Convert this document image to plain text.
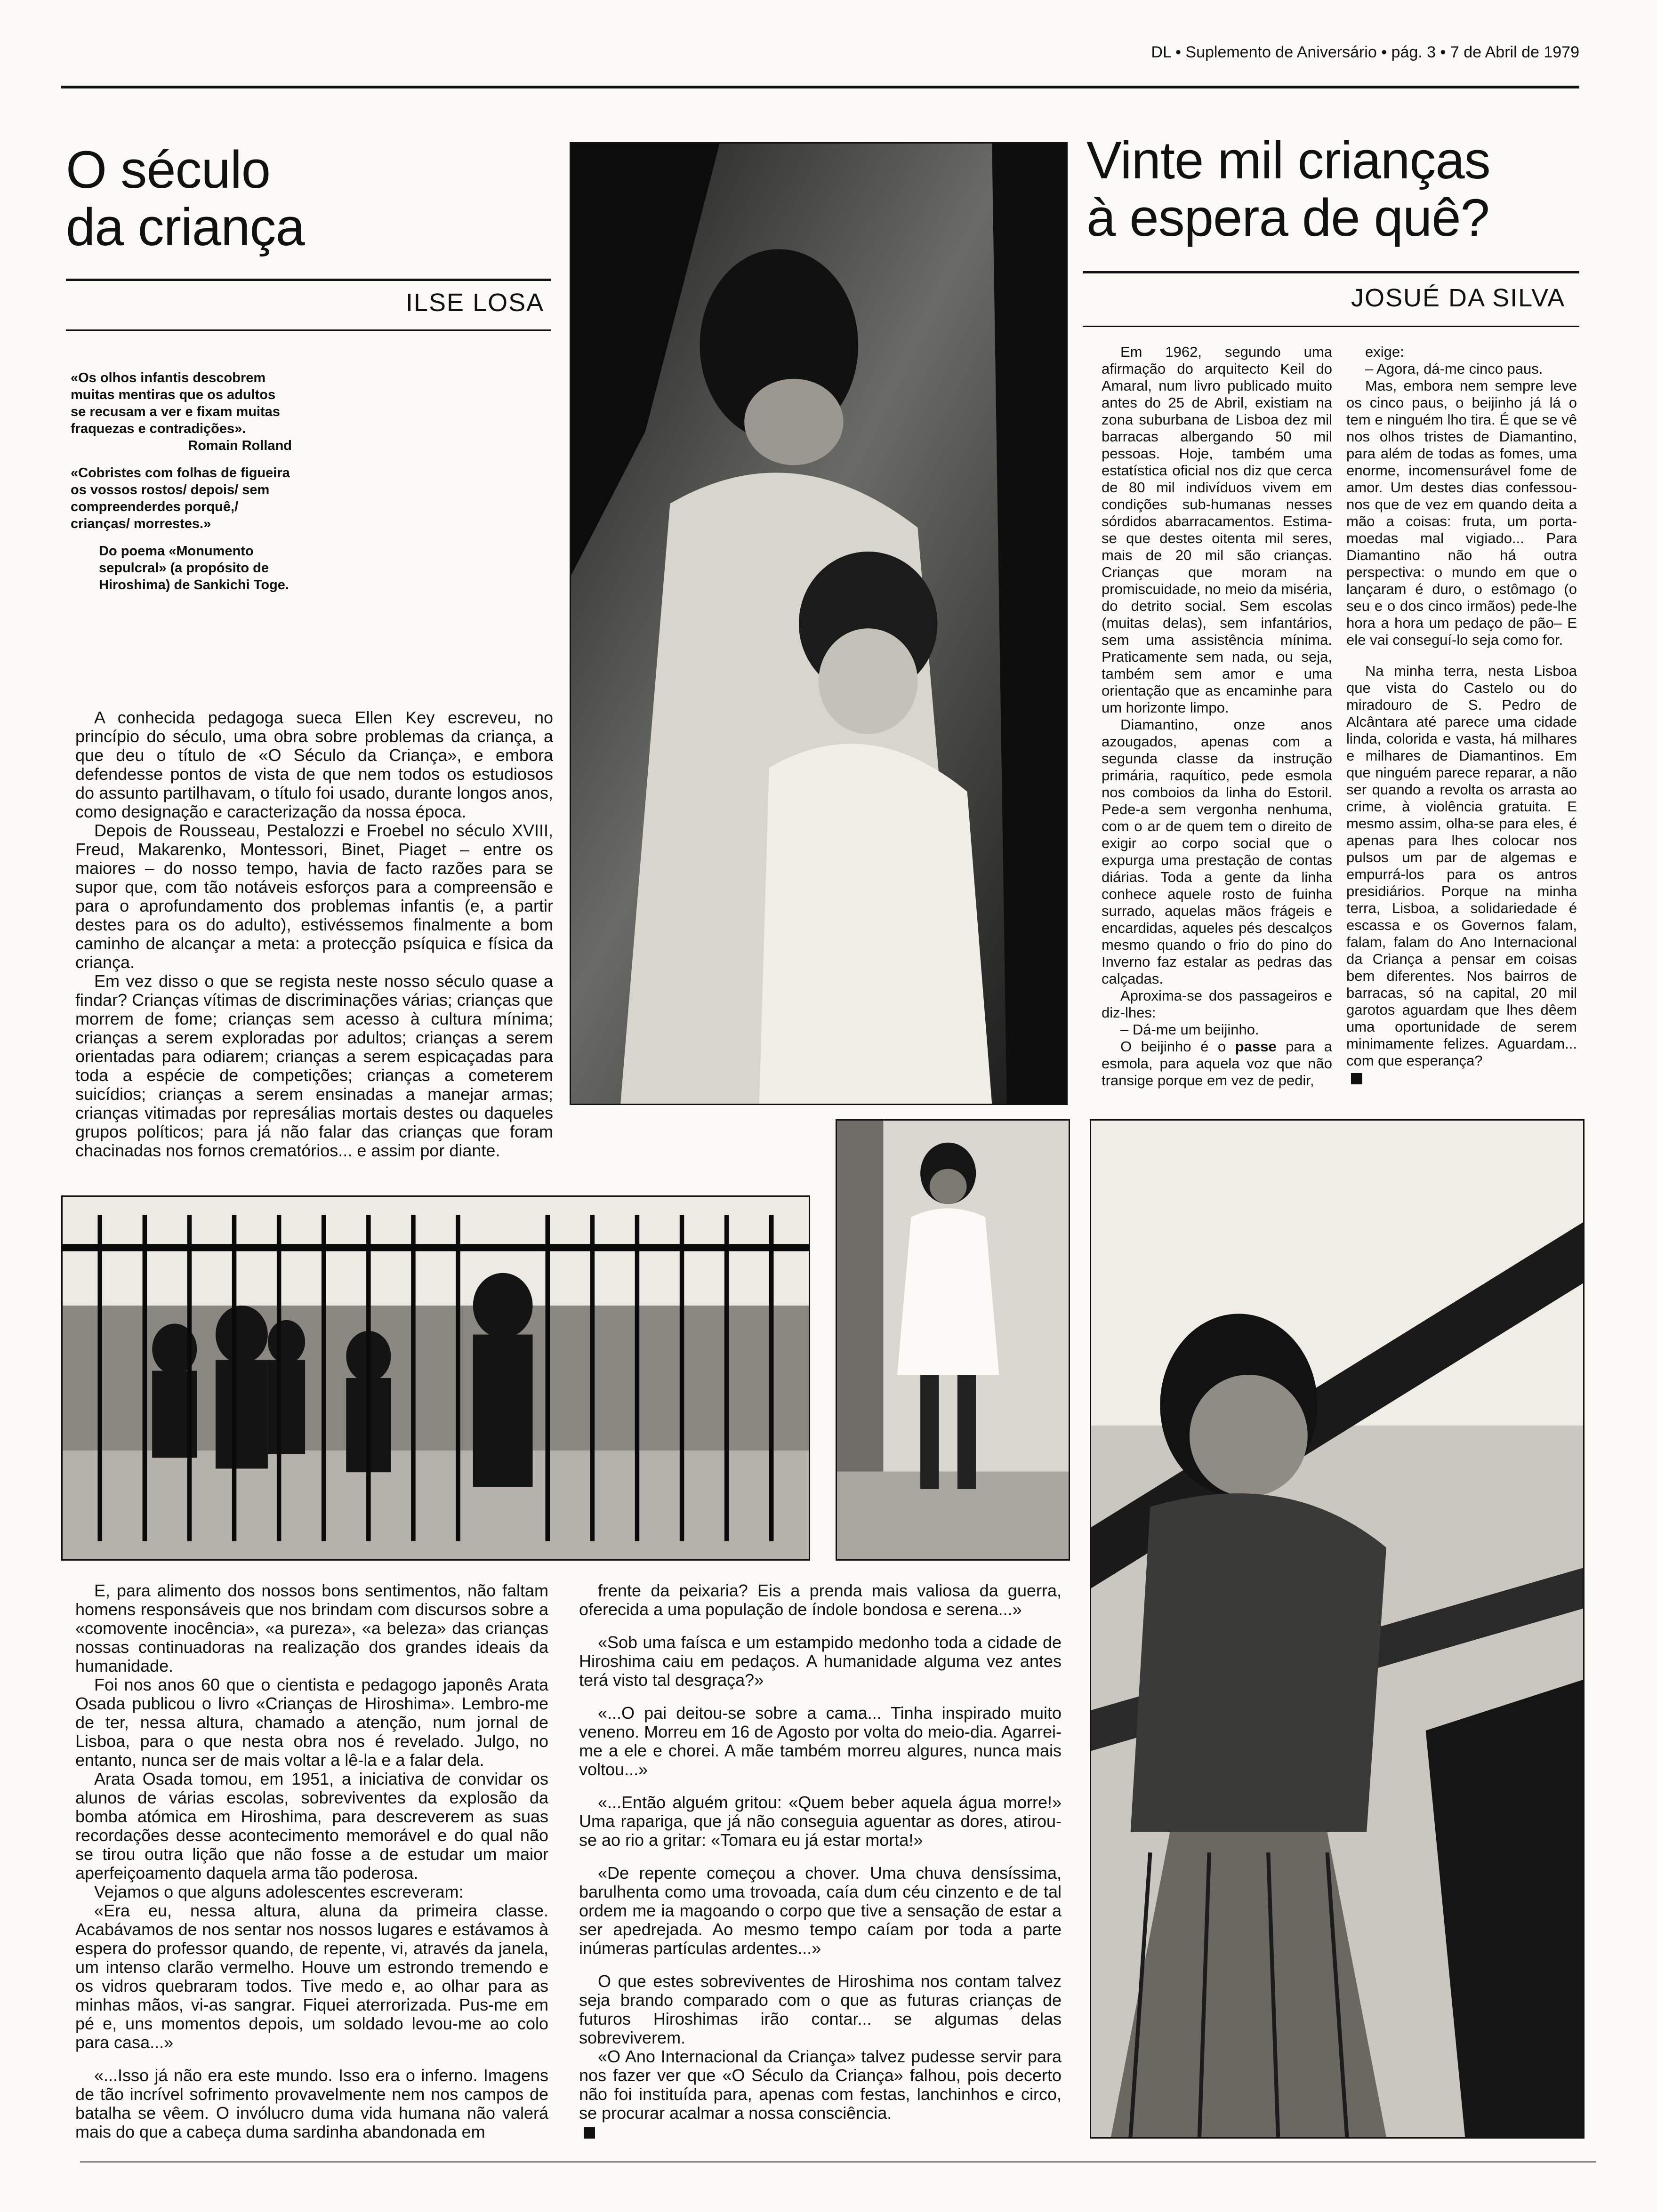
DL • Suplemento de Aniversário • pág. 3 • 7 de Abril de 1979
O século
da criança
ILSE LOSA

«Os olhos infantis descobrem muitas mentiras que os adultos se recusam a ver e fixam muitas fraquezas e contradições».

Romain Rolland

«Cobristes com folhas de figueira os vossos rostos/ depois/ sem compreenderdes porquê,/ crianças/ morrestes.»

Do poema «Monumento sepulcral» (a propósito de Hiroshima) de Sankichi Toge.

A conhecida pedagoga sueca Ellen Key escreveu, no princípio do século, uma obra sobre problemas da criança, a que deu o título de «O Século da Criança», e embora defendesse pontos de vista de que nem todos os estudiosos do assunto partilhavam, o título foi usado, durante longos anos, como designação e caracterização da nossa época.

Depois de Rousseau, Pestalozzi e Froebel no século XVIII, Freud, Makarenko, Montessori, Binet, Piaget – entre os maiores – do nosso tempo, havia de facto razões para se supor que, com tão notáveis esforços para a compreensão e para o aprofundamento dos problemas infantis (e, a partir destes para os do adulto), estivéssemos finalmente a bom caminho de alcançar a meta: a protecção psíquica e física da criança.

Em vez disso o que se regista neste nosso século quase a findar? Crianças vítimas de discriminações várias; crianças que morrem de fome; crianças sem acesso à cultura mínima; crianças a serem exploradas por adultos; crianças a serem orientadas para odiarem; crianças a serem espicaçadas para toda a espécie de competições; crianças a cometerem suicídios; crianças a serem ensinadas a manejar armas; crianças vitimadas por represálias mortais destes ou daqueles grupos políticos; para já não falar das crianças que foram chacinadas nos fornos crematórios... e assim por diante.

Vinte mil crianças
à espera de quê?
JOSUÉ DA SILVA

Em 1962, segundo uma afirmação do arquitecto Keil do Amaral, num livro publicado muito antes do 25 de Abril, existiam na zona suburbana de Lisboa dez mil barracas albergando 50 mil pessoas. Hoje, também uma estatística oficial nos diz que cerca de 80 mil indivíduos vivem em condições sub-humanas nesses sórdidos abarracamentos. Estima-se que destes oitenta mil seres, mais de 20 mil são crianças. Crianças que moram na promiscuidade, no meio da miséria, do detrito social. Sem escolas (muitas delas), sem infantários, sem uma assistência mínima. Praticamente sem nada, ou seja, também sem amor e uma orientação que as encaminhe para um horizonte limpo.

Diamantino, onze anos azougados, apenas com a segunda classe da instrução primária, raquítico, pede esmola nos comboios da linha do Estoril. Pede-a sem vergonha nenhuma, com o ar de quem tem o direito de exigir ao corpo social que o expurga uma prestação de contas diárias. Toda a gente da linha conhece aquele rosto de fuinha surrado, aquelas mãos frágeis e encardidas, aqueles pés descalços mesmo quando o frio do pino do Inverno faz estalar as pedras das calçadas.

Aproxima-se dos passageiros e diz-lhes:

– Dá-me um beijinho.

O beijinho é o passe para a esmola, para aquela voz que não transige porque em vez de pedir,

exige:

– Agora, dá-me cinco paus.

Mas, embora nem sempre leve os cinco paus, o beijinho já lá o tem e ninguém lho tira. É que se vê nos olhos tristes de Diamantino, para além de todas as fomes, uma enorme, incomensurável fome de amor. Um destes dias confessou-nos que de vez em quando deita a mão a coisas: fruta, um porta-moedas mal vigiado... Para Diamantino não há outra perspectiva: o mundo em que o lançaram é duro, o estômago (o seu e o dos cinco irmãos) pede-lhe hora a hora um pedaço de pão– E ele vai conseguí-lo seja como for.

Na minha terra, nesta Lisboa que vista do Castelo ou do miradouro de S. Pedro de Alcântara até parece uma cidade linda, colorida e vasta, há milhares e milhares de Diamantinos. Em que ninguém parece reparar, a não ser quando a revolta os arrasta ao crime, à violência gratuita. E mesmo assim, olha-se para eles, é apenas para lhes colocar nos pulsos um par de algemas e empurrá-los para os antros presidiários. Porque na minha terra, Lisboa, a solidariedade é escassa e os Governos falam, falam, falam do Ano Internacional da Criança a pensar em coisas bem diferentes. Nos bairros de barracas, só na capital, 20 mil garotos aguardam que lhes dêem uma oportunidade de serem minimamente felizes. Aguardam... com que esperança?

E, para alimento dos nossos bons sentimentos, não faltam homens responsáveis que nos brindam com discursos sobre a «comovente inocência», «a pureza», «a beleza» das crianças nossas continuadoras na realização dos grandes ideais da humanidade.

Foi nos anos 60 que o cientista e pedagogo japonês Arata Osada publicou o livro «Crianças de Hiroshima». Lembro-me de ter, nessa altura, chamado a atenção, num jornal de Lisboa, para o que nesta obra nos é revelado. Julgo, no entanto, nunca ser de mais voltar a lê-la e a falar dela.

Arata Osada tomou, em 1951, a iniciativa de convidar os alunos de várias escolas, sobreviventes da explosão da bomba atómica em Hiroshima, para descreverem as suas recordações desse acontecimento memorável e do qual não se tirou outra lição que não fosse a de estudar um maior aperfeiçoamento daquela arma tão poderosa.

Vejamos o que alguns adolescentes escreveram:

«Era eu, nessa altura, aluna da primeira classe. Acabávamos de nos sentar nos nossos lugares e estávamos à espera do professor quando, de repente, vi, através da janela, um intenso clarão vermelho. Houve um estrondo tremendo e os vidros quebraram todos. Tive medo e, ao olhar para as minhas mãos, vi-as sangrar. Fiquei aterrorizada. Pus-me em pé e, uns momentos depois, um soldado levou-me ao colo para casa...»

«...Isso já não era este mundo. Isso era o inferno. Imagens de tão incrível sofrimento provavelmente nem nos campos de batalha se vêem. O invólucro duma vida humana não valerá mais do que a cabeça duma sardinha abandonada em

frente da peixaria? Eis a prenda mais valiosa da guerra, oferecida a uma população de índole bondosa e serena...»

«Sob uma faísca e um estampido medonho toda a cidade de Hiroshima caiu em pedaços. A humanidade alguma vez antes terá visto tal desgraça?»

«...O pai deitou-se sobre a cama... Tinha inspirado muito veneno. Morreu em 16 de Agosto por volta do meio-dia. Agarrei-me a ele e chorei. A mãe também morreu algures, nunca mais voltou...»

«...Então alguém gritou: «Quem beber aquela água morre!» Uma rapariga, que já não conseguia aguentar as dores, atirou-se ao rio a gritar: «Tomara eu já estar morta!»

«De repente começou a chover. Uma chuva densíssima, barulhenta como uma trovoada, caía dum céu cinzento e de tal ordem me ia magoando o corpo que tive a sensação de estar a ser apedrejada. Ao mesmo tempo caíam por toda a parte inúmeras partículas ardentes...»

O que estes sobreviventes de Hiroshima nos contam talvez seja brando comparado com o que as futuras crianças de futuros Hiroshimas irão contar... se algumas delas sobreviverem.

«O Ano Internacional da Criança» talvez pudesse servir para nos fazer ver que «O Século da Criança» falhou, pois decerto não foi instituída para, apenas com festas, lanchinhos e circo, se procurar acalmar a nossa consciência.
